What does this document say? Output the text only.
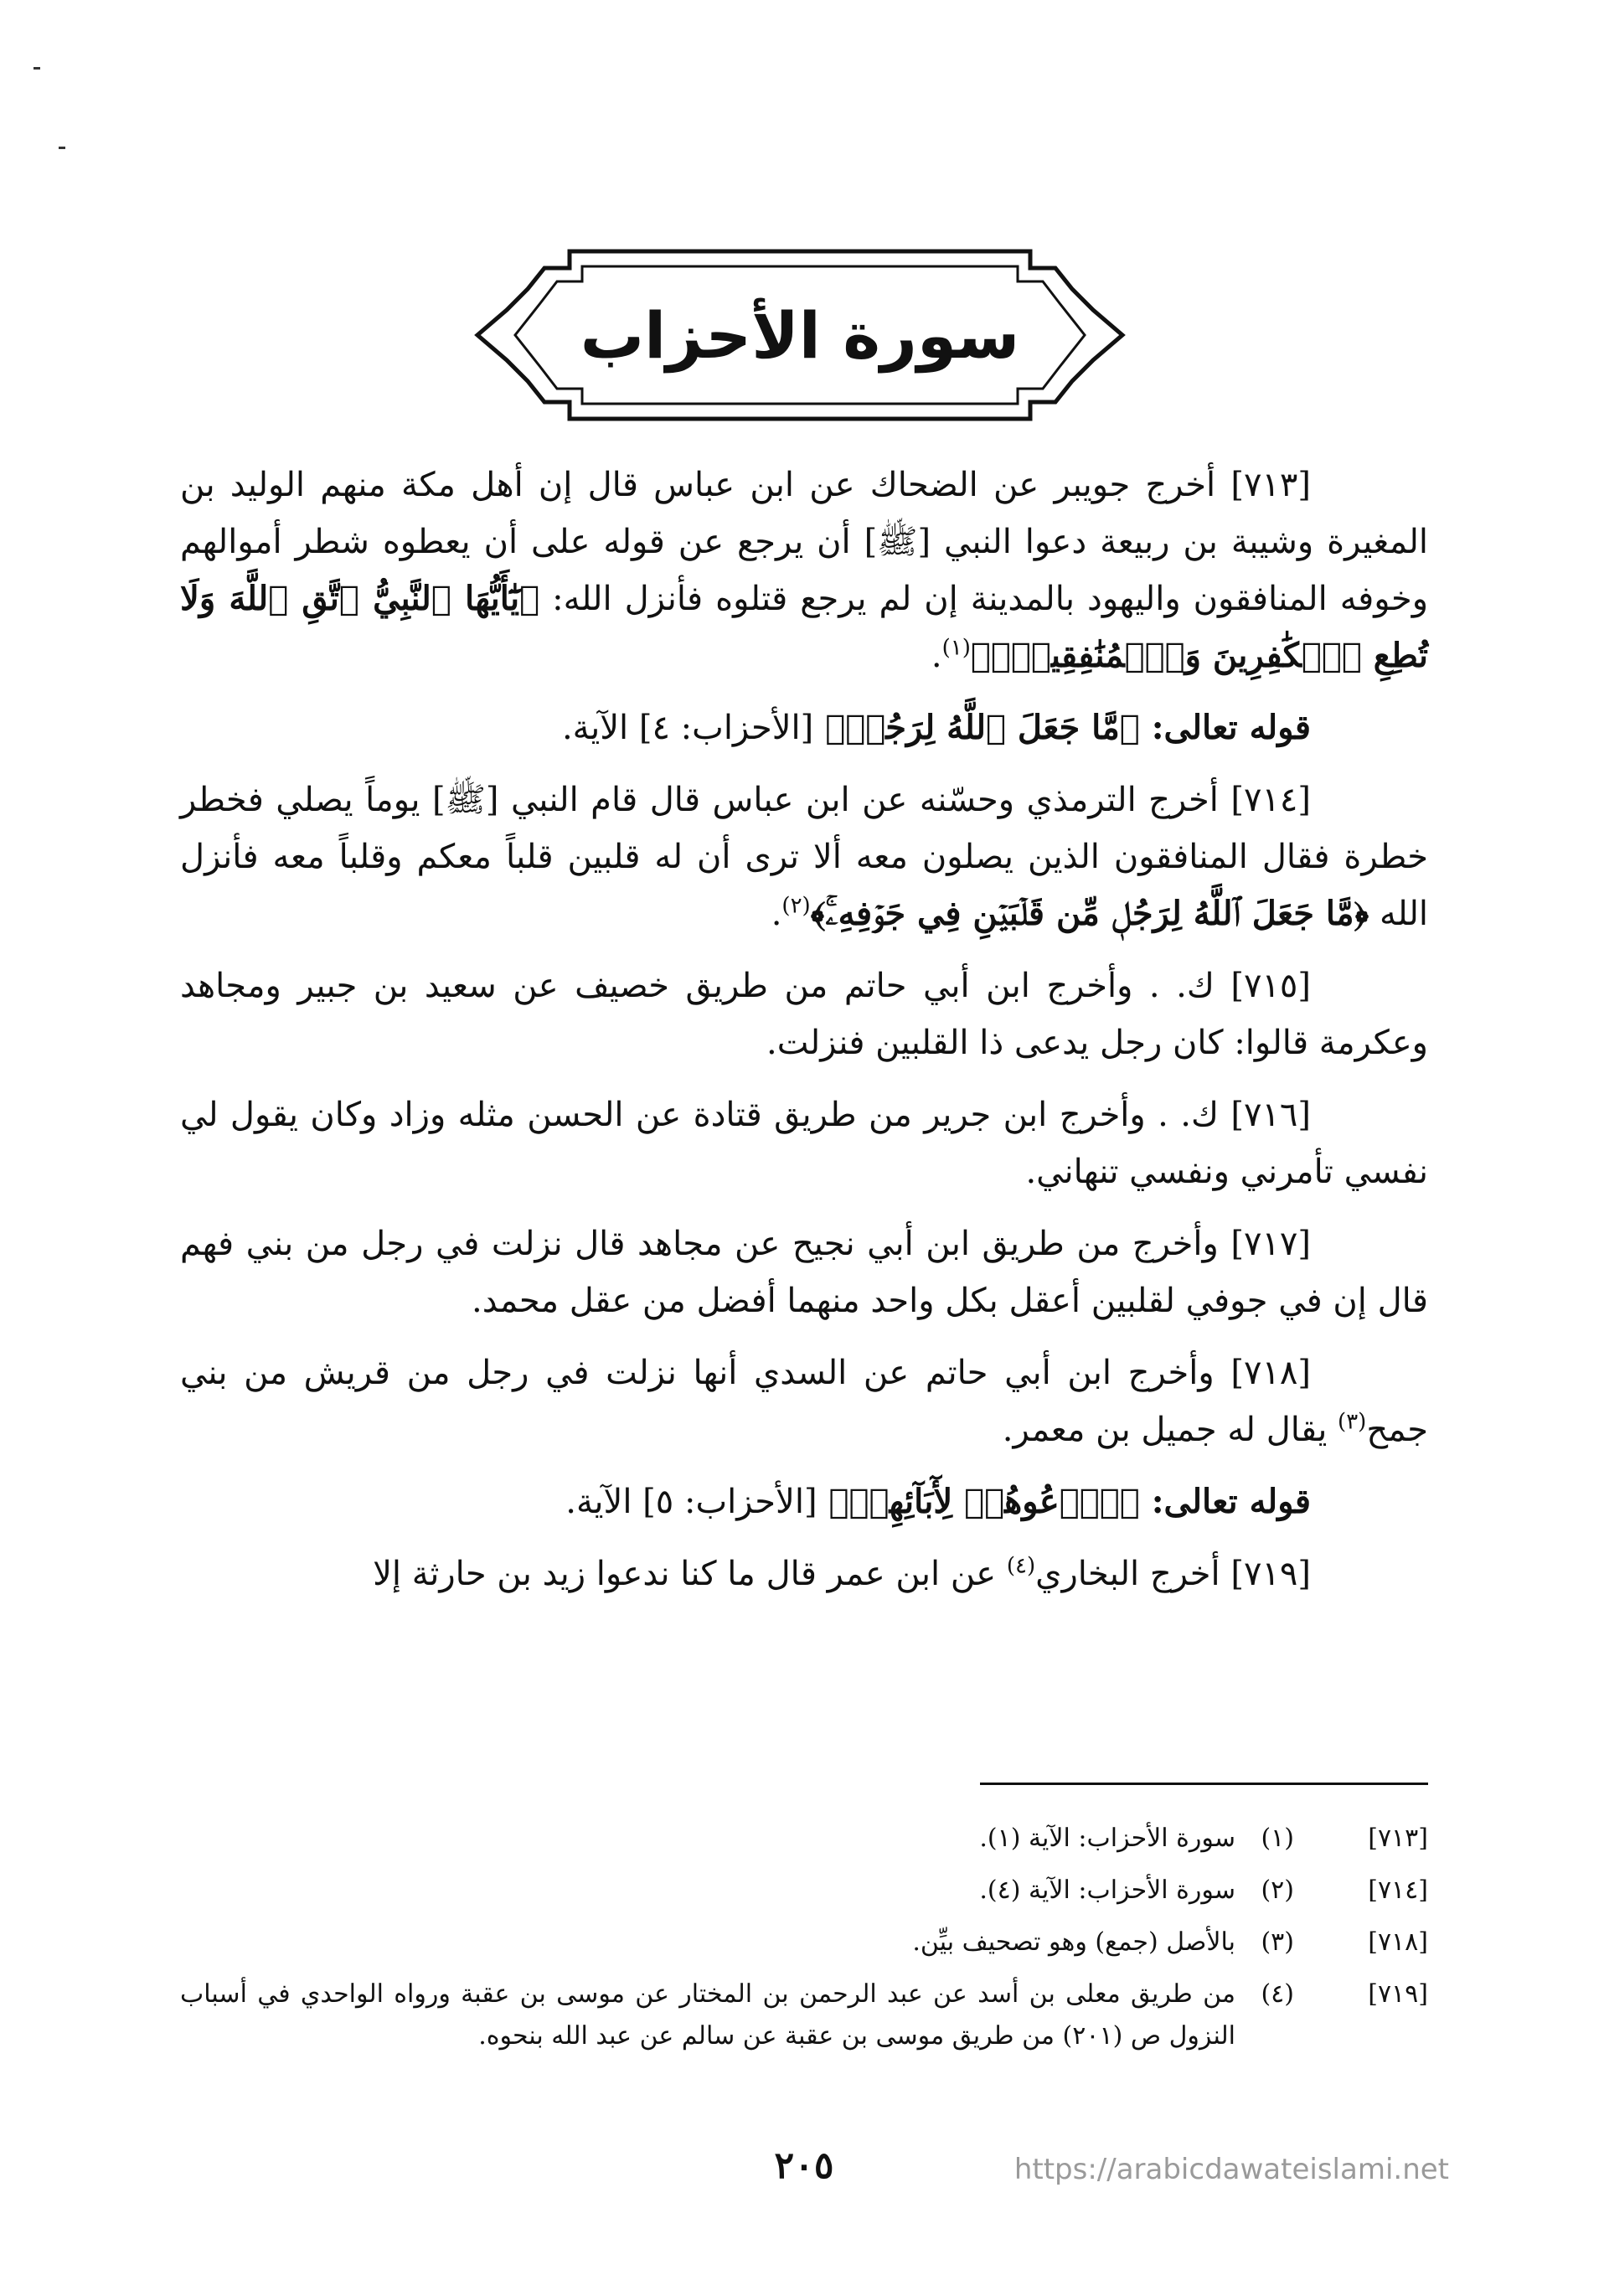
سورة الأحزاب

[٧١٣] أخرج جويبر عن الضحاك عن ابن عباس قال إن أهل مكة منهم الوليد بن المغيرة وشيبة بن ربيعة دعوا النبي [ﷺ] أن يرجع عن قوله على أن يعطوه شطر أموالهم وخوفه المنافقون واليهود بالمدينة إن لم يرجع قتلوه فأنزل الله: ﴿يَٰٓأَيُّهَا ٱلنَّبِيُّ ٱتَّقِ ٱللَّهَ وَلَا تُطِعِ ٱلۡكَٰفِرِينَ وَٱلۡمُنَٰفِقِينَۚ﴾$^{(١)}$.

قوله تعالى: ﴿مَّا جَعَلَ ٱللَّهُ لِرَجُلٖ﴾ [الأحزاب: ٤] الآية.

[٧١٤] أخرج الترمذي وحسّنه عن ابن عباس قال قام النبي [ﷺ] يوماً يصلي فخطر خطرة فقال المنافقون الذين يصلون معه ألا ترى أن له قلبين قلباً معكم وقلباً معه فأنزل الله ﴿مَّا جَعَلَ ٱللَّهُ لِرَجُلٖ مِّن قَلۡبَيۡنِ فِي جَوۡفِهِۦۚ﴾$^{(٢)}$.

[٧١٥] ك. . وأخرج ابن أبي حاتم من طريق خصيف عن سعيد بن جبير ومجاهد وعكرمة قالوا: كان رجل يدعى ذا القلبين فنزلت.

[٧١٦] ك. . وأخرج ابن جرير من طريق قتادة عن الحسن مثله وزاد وكان يقول لي نفسي تأمرني ونفسي تنهاني.

[٧١٧] وأخرج من طريق ابن أبي نجيح عن مجاهد قال نزلت في رجل من بني فهم قال إن في جوفي لقلبين أعقل بكل واحد منهما أفضل من عقل محمد.

[٧١٨] وأخرج ابن أبي حاتم عن السدي أنها نزلت في رجل من قريش من بني جمح$^{(٣)}$ يقال له جميل بن معمر.

قوله تعالى: ﴿ٱدۡعُوهُمۡ لِأٓبَآئِهِمۡ﴾ [الأحزاب: ٥] الآية.

[٧١٩] أخرج البخاري$^{(٤)}$ عن ابن عمر قال ما كنا ندعوا زيد بن حارثة إلا

[٧١٣]
(١)
سورة الأحزاب: الآية (١).
[٧١٤]
(٢)
سورة الأحزاب: الآية (٤).
[٧١٨]
(٣)
بالأصل (جمع) وهو تصحيف بيِّن.
[٧١٩]
(٤)
من طريق معلى بن أسد عن عبد الرحمن بن المختار عن موسى بن عقبة ورواه الواحدي في أسباب النزول ص (٢٠١) من طريق موسى بن عقبة عن سالم عن عبد الله بنحوه.
٢٠٥	https://arabicdawateislami.net
